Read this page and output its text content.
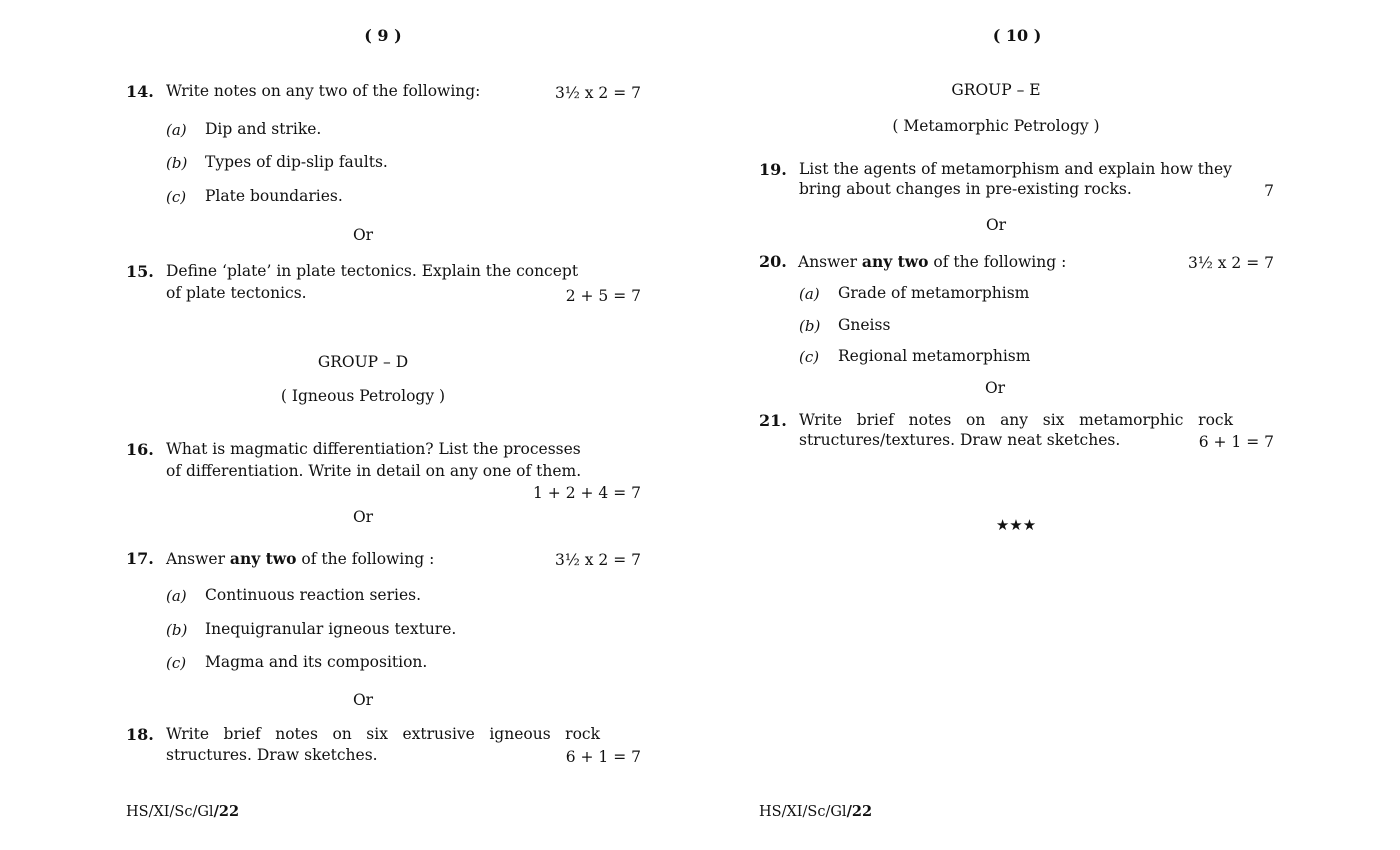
( 9 )
14. Write notes on any two of the following:	3½ x 2 = 7
(a) Dip and strike.
(b) Types of dip-slip faults.
(c) Plate boundaries.
Or
15. Define ‘plate’ in plate tectonics. Explain the concept
of plate tectonics.	2 + 5 = 7
GROUP – D
( Igneous Petrology )
16. What is magmatic differentiation? List the processes
of differentiation. Write in detail on any one of them.
1 + 2 + 4 = 7
Or
17. Answer any two of the following :	3½ x 2 = 7
(a) Continuous reaction series.
(b) Inequigranular igneous texture.
(c) Magma and its composition.
Or
18. Write brief notes on six extrusive igneous rock
structures. Draw sketches.	6 + 1 = 7
HS/XI/Sc/Gl/22
( 10 )
GROUP – E
( Metamorphic Petrology )
19. List the agents of metamorphism and explain how they
bring about changes in pre-existing rocks.	7
Or
20. Answer any two of the following :	3½ x 2 = 7
(a) Grade of metamorphism
(b) Gneiss
(c) Regional metamorphism
Or
21. Write brief notes on any six metamorphic rock
structures/textures. Draw neat sketches.	6 + 1 = 7
★★★
HS/XI/Sc/Gl/22
